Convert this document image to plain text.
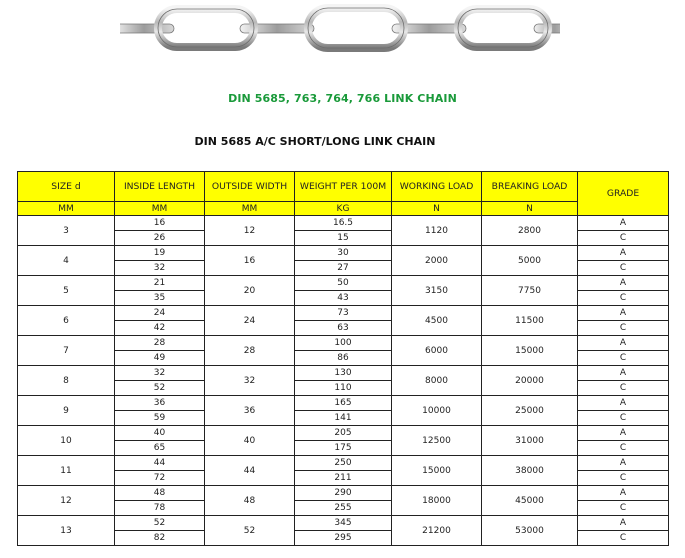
DIN 5685, 763, 764, 766 LINK CHAIN
DIN 5685 A/C SHORT/LONG LINK CHAIN
SIZE d	INSIDE LENGTH	OUTSIDE WIDTH	WEIGHT PER 100M	WORKING LOAD	BREAKING LOAD	GRADE
MM	MM	MM	KG	N	N	
3	16	12	16.5	1120	2800	A
	26		15			C
4	19	16	30	2000	5000	A
	32		27			C
5	21	20	50	3150	7750	A
	35		43			C
6	24	24	73	4500	11500	A
	42		63			C
7	28	28	100	6000	15000	A
	49		86			C
8	32	32	130	8000	20000	A
	52		110			C
9	36	36	165	10000	25000	A
	59		141			C
10	40	40	205	12500	31000	A
	65		175			C
11	44	44	250	15000	38000	A
	72		211			C
12	48	48	290	18000	45000	A
	78		255			C
13	52	52	345	21200	53000	A
	82		295			C
